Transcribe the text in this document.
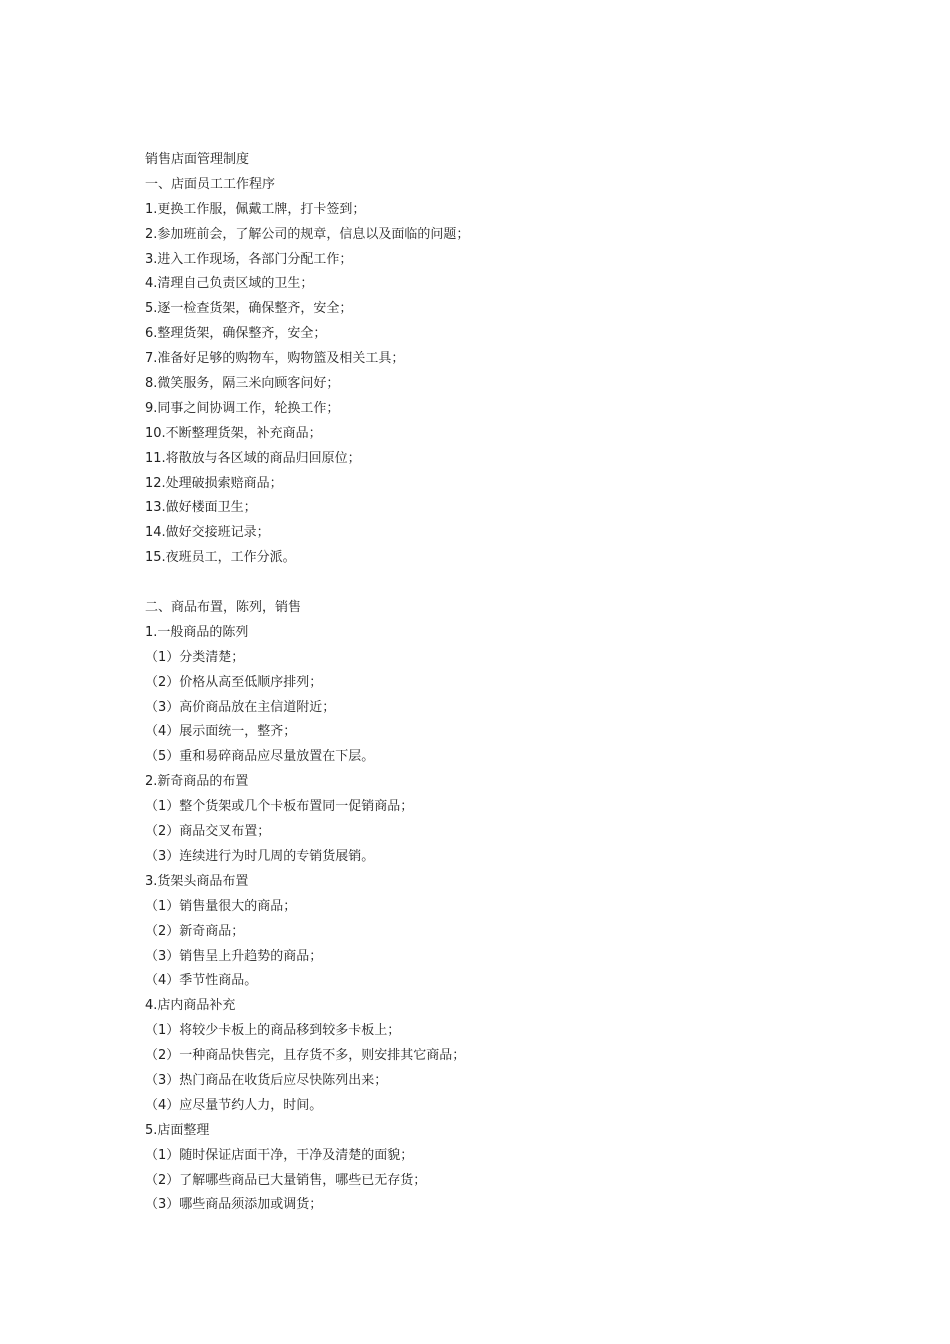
销售店面管理制度
一、店面员工工作程序
1.更换工作服，佩戴工牌，打卡签到；
2.参加班前会，了解公司的规章，信息以及面临的问题；
3.进入工作现场，各部门分配工作；
4.清理自己负责区域的卫生；
5.逐一检查货架，确保整齐，安全；
6.整理货架，确保整齐，安全；
7.准备好足够的购物车，购物篮及相关工具；
8.微笑服务，隔三米向顾客问好；
9.同事之间协调工作，轮换工作；
10.不断整理货架，补充商品；
11.将散放与各区域的商品归回原位；
12.处理破损索赔商品；
13.做好楼面卫生；
14.做好交接班记录；
15.夜班员工，工作分派。
二、商品布置，陈列，销售
1.一般商品的陈列
（1）分类清楚；
（2）价格从高至低顺序排列；
（3）高价商品放在主信道附近；
（4）展示面统一，整齐；
（5）重和易碎商品应尽量放置在下层。
2.新奇商品的布置
（1）整个货架或几个卡板布置同一促销商品；
（2）商品交叉布置；
（3）连续进行为时几周的专销货展销。
3.货架头商品布置
（1）销售量很大的商品；
（2）新奇商品；
（3）销售呈上升趋势的商品；
（4）季节性商品。
4.店内商品补充
（1）将较少卡板上的商品移到较多卡板上；
（2）一种商品快售完，且存货不多，则安排其它商品；
（3）热门商品在收货后应尽快陈列出来；
（4）应尽量节约人力，时间。
5.店面整理
（1）随时保证店面干净，干净及清楚的面貌；
（2）了解哪些商品已大量销售，哪些已无存货；
（3）哪些商品须添加或调货；
